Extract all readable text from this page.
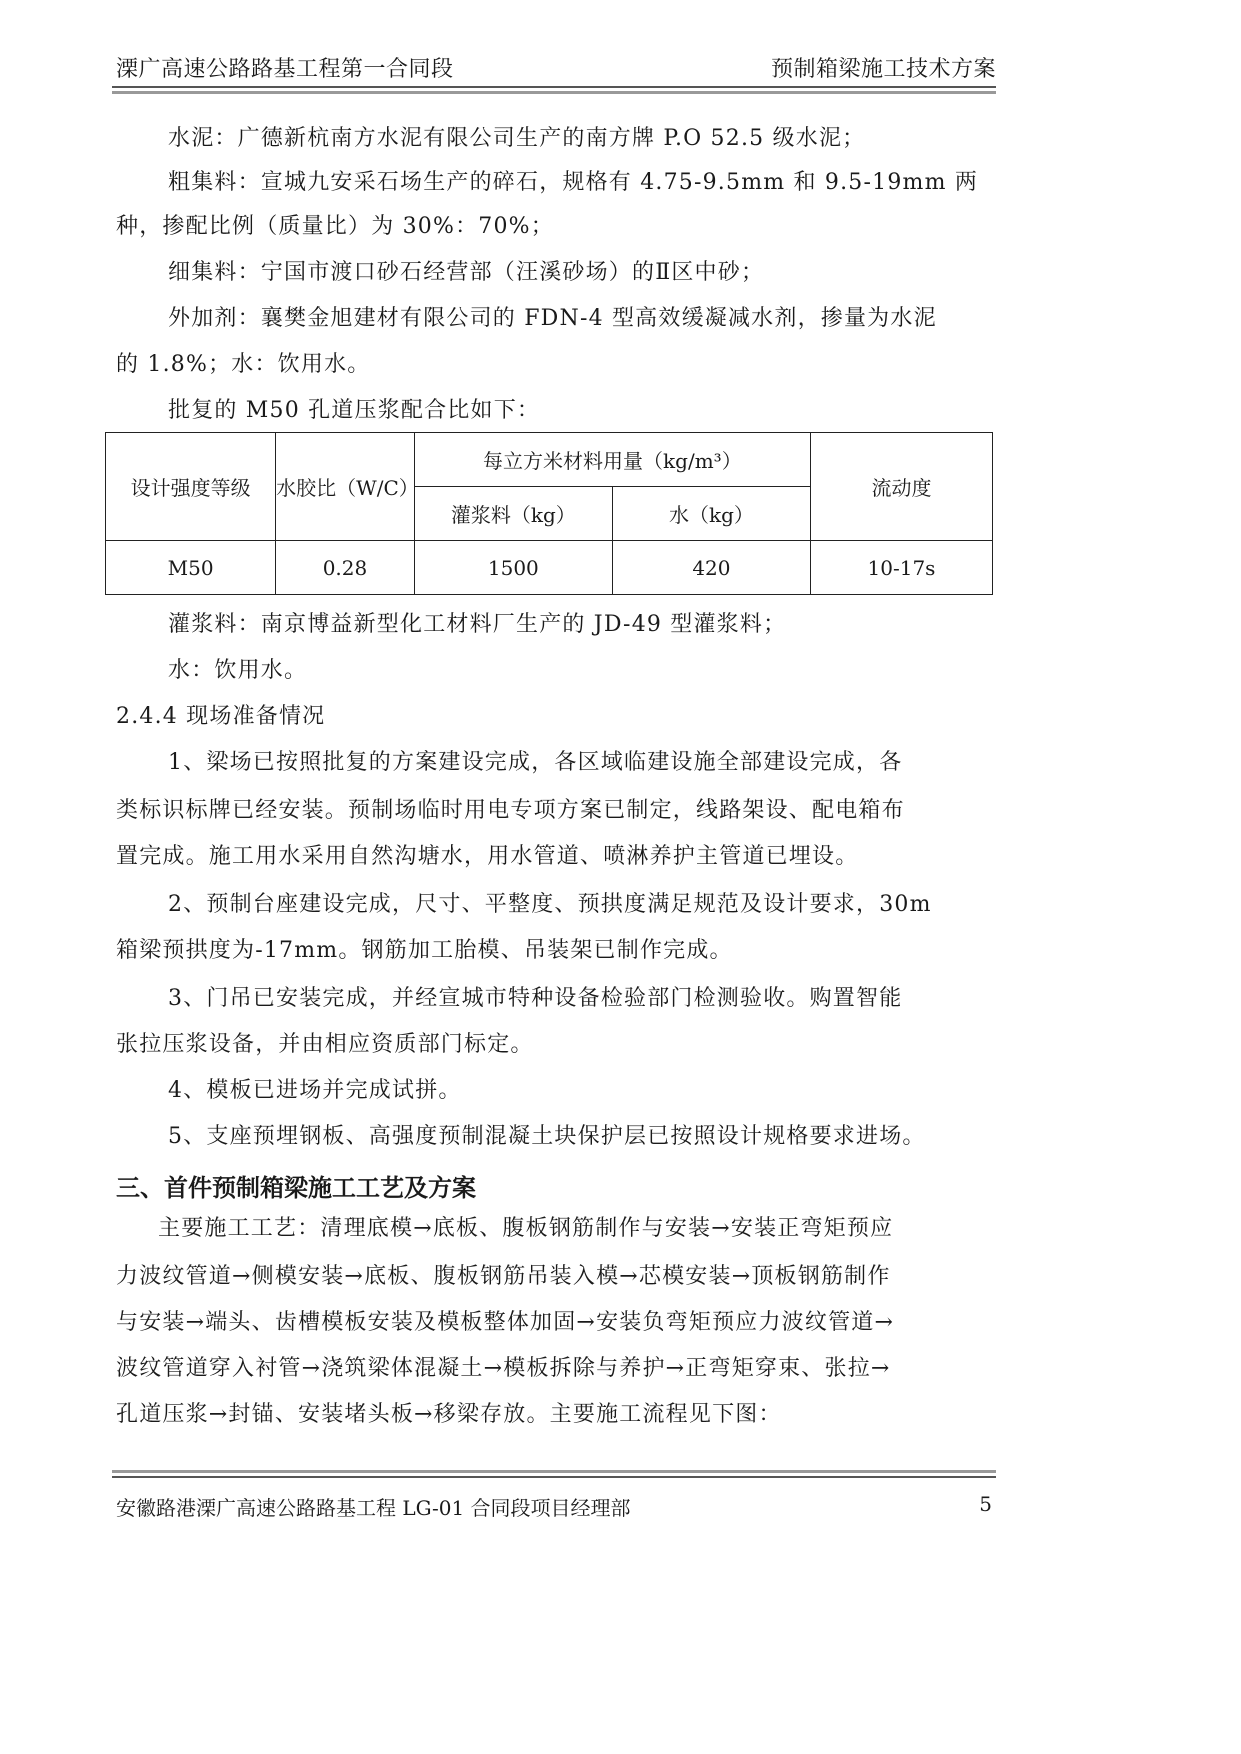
溧广高速公路路基工程第一合同段	预制箱梁施工技术方案
水泥：广德新杭南方水泥有限公司生产的南方牌 P.O 52.5 级水泥；
粗集料：宣城九安采石场生产的碎石，规格有 4.75-9.5mm 和 9.5-19mm 两
种，掺配比例（质量比）为 30%：70%；
细集料：宁国市渡口砂石经营部（汪溪砂场）的Ⅱ区中砂；
外加剂：襄樊金旭建材有限公司的 FDN-4 型高效缓凝减水剂，掺量为水泥
的 1.8%；水：饮用水。
批复的 M50 孔道压浆配合比如下：
设计强度等级	水胶比（W/C）	每立方米材料用量（kg/m³）		流动度
		灌浆料（kg）	水（kg）	
M50	0.28	1500	420	10-17s
灌浆料：南京博益新型化工材料厂生产的 JD-49 型灌浆料；
水：饮用水。
2.4.4 现场准备情况
1、梁场已按照批复的方案建设完成，各区域临建设施全部建设完成，各
类标识标牌已经安装。预制场临时用电专项方案已制定，线路架设、配电箱布
置完成。施工用水采用自然沟塘水，用水管道、喷淋养护主管道已埋设。
2、预制台座建设完成，尺寸、平整度、预拱度满足规范及设计要求，30m
箱梁预拱度为-17mm。钢筋加工胎模、吊装架已制作完成。
3、门吊已安装完成，并经宣城市特种设备检验部门检测验收。购置智能
张拉压浆设备，并由相应资质部门标定。
4、模板已进场并完成试拼。
5、支座预埋钢板、高强度预制混凝土块保护层已按照设计规格要求进场。
三、首件预制箱梁施工工艺及方案
主要施工工艺：清理底模→底板、腹板钢筋制作与安装→安装正弯矩预应
力波纹管道→侧模安装→底板、腹板钢筋吊装入模→芯模安装→顶板钢筋制作
与安装→端头、齿槽模板安装及模板整体加固→安装负弯矩预应力波纹管道→
波纹管道穿入衬管→浇筑梁体混凝土→模板拆除与养护→正弯矩穿束、张拉→
孔道压浆→封锚、安装堵头板→移梁存放。主要施工流程见下图：
安徽路港溧广高速公路路基工程 LG-01 合同段项目经理部	5
